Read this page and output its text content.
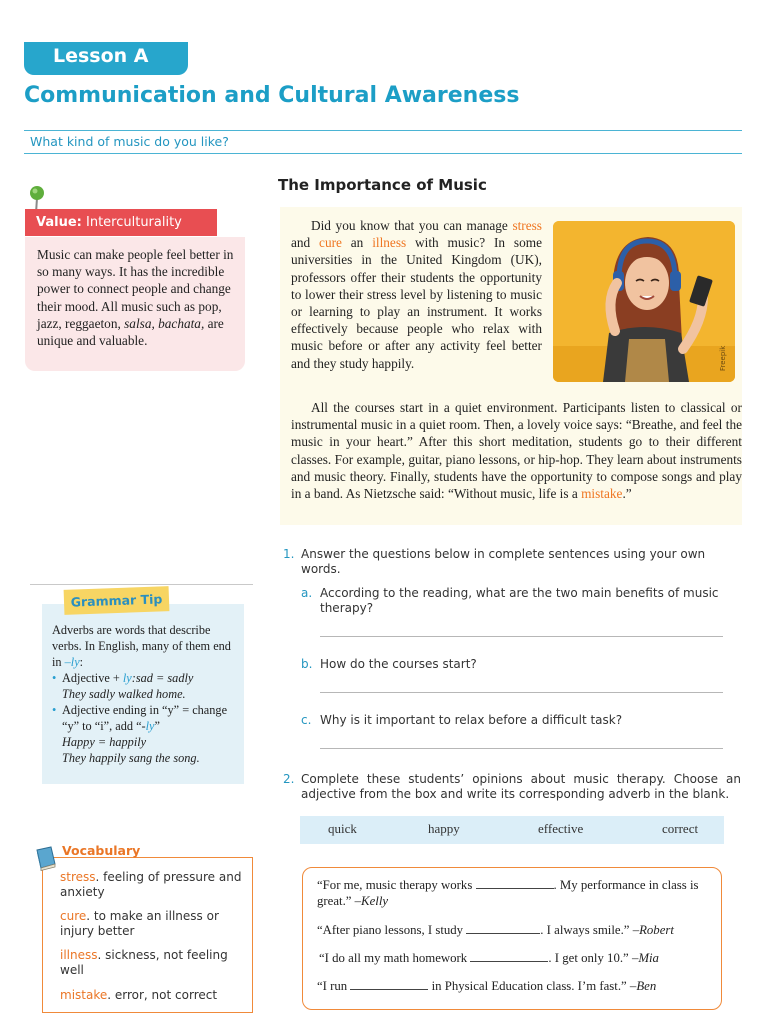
Lesson A
Communication and Cultural Awareness
What kind of music do you like?
Value: Interculturality
Music can make people feel better in so many ways. It has the incredible power to connect people and change their mood. All music such as pop, jazz, reggaeton, salsa, bachata, are unique and valuable.
The Importance of Music
Did you know that you can manage stress and cure an illness with music? In some universities in the United Kingdom (UK), professors offer their students the opportunity to lower their stress level by listening to music or learning to play an instrument. It works effectively because people who relax with music before or after any activity feel better and they study happily.	Freepik
All the courses start in a quiet environment. Participants listen to classical or instrumental music in a quiet room. Then, a lovely voice says: “Breathe, and feel the music in your heart.” After this short meditation, students go to their different classes. For example, guitar, piano lessons, or hip-hop. They learn about instruments and music theory. Finally, students have the opportunity to compose songs and play in a band. As Nietzsche said: “Without music, life is a mistake.”
1. Answer the questions below in complete sentences using your own words.
a. According to the reading, what are the two main benefits of music therapy?
b. How do the courses start?
c. Why is it important to relax before a difficult task?
2. Complete these students’ opinions about music therapy. Choose an adjective from the box and write its corresponding adverb in the blank.
quick	happy	effective	correct
“For me, music therapy works	. My performance in class is great.” –Kelly
“After piano lessons, I study	. I always smile.” –Robert
“I do all my math homework	. I get only 10.” –Mia
“I run	in Physical Education class. I’m fast.” –Ben
Grammar Tip
Adverbs are words that describe verbs. In English, many of them end in –ly:
• Adjective + ly:sad = sadly
They sadly walked home.
• Adjective ending in “y” = change “y” to “i”, add “-ly”
Happy = happily
They happily sang the song.
Vocabulary
stress. feeling of pressure and anxiety
cure. to make an illness or injury better
illness. sickness, not feeling well
mistake. error, not correct
